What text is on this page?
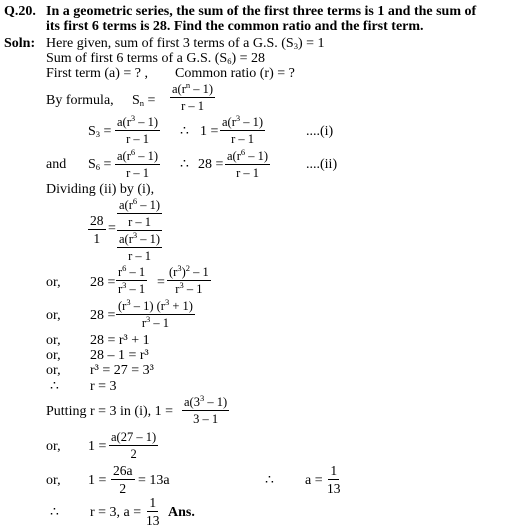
Q.20. In a geometric series, the sum of the first three terms is 1 and the sum of
its first 6 terms is 28. Find the common ratio and the first term.
Soln: Here given, sum of first 3 terms of a G.S. $(S_3) = 1$
Sum of first 6 terms of a G.S. $(S_6) = 28$
First term (a) = ? , Common ratio (r) = ?
By formula, $S_n = \frac{a(r^n - 1)}{r - 1}$
$S_3 = \frac{a(r^3 - 1)}{r - 1}$ ∴ $1 = \frac{a(r^3 - 1)}{r - 1}$	....(i)
and $S_6 = \frac{a(r^6 - 1)}{r - 1}$ ∴ $28 = \frac{a(r^6 - 1)}{r - 1}$	....(ii)
Dividing (ii) by (i),
$\frac{28}{1} = a(r^6 - 1)$
r – 1
$a(r^3 - 1)$
r – 1
or, $28 = \frac{r^6 - 1}{r^3 - 1} = \frac{(r^3)^2 - 1}{r^3 - 1}$
or, $28 = \frac{(r^3 - 1) (r^3 + 1)}{r^3 - 1}$
or, 28 = r³ + 1
or, 28 – 1 = r³
or, r³ = 27 = 3³
∴ r = 3
Putting r = 3 in (i), $1 = \frac{a(3^3 - 1)}{3 - 1}$
or, $1 = \frac{a(27 - 1)}{2}$
or, $1 = \frac{26a}{2} = 13a$	∴ $a = \frac{1}{13}$
∴ r = 3, $a = \frac{1}{13}$ Ans.
